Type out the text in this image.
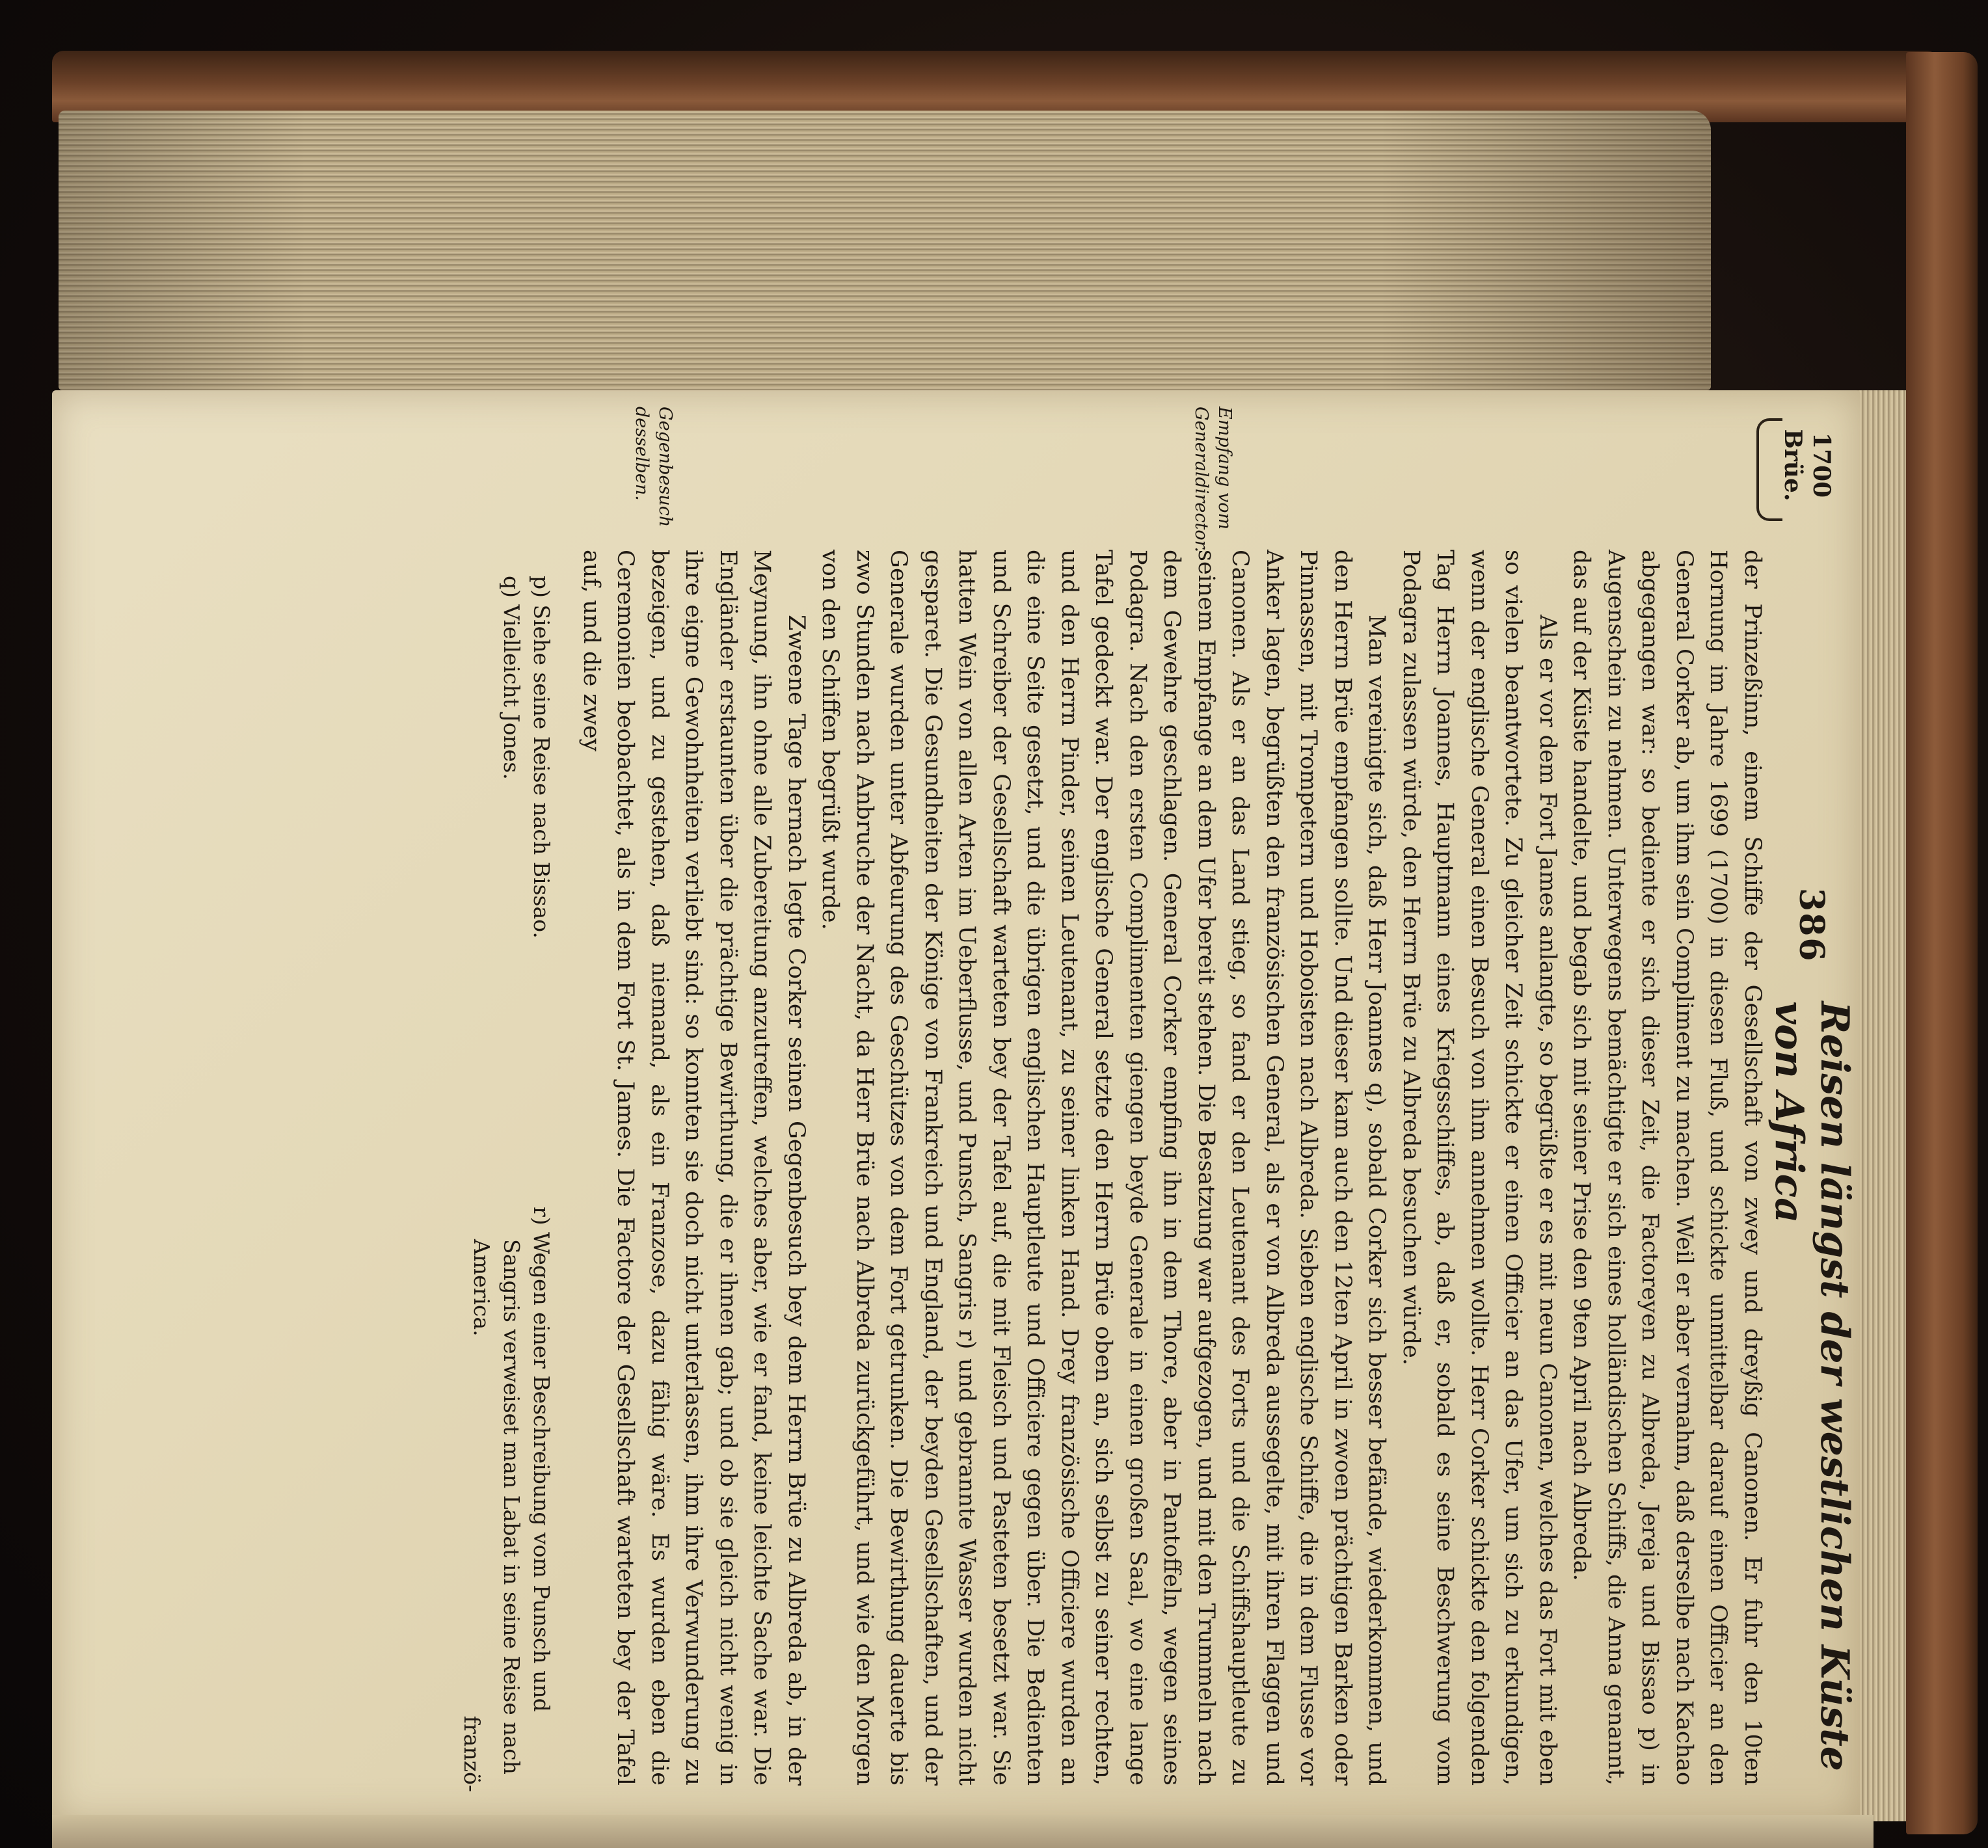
386
Reisen längst der westlichen Küste von Africa
1700
Brüe.
Empfang vom Generaldirector.
Gegenbesuch desselben.

der Prinzeßinn, einem Schiffe der Gesellschaft von zwey und dreyßig Canonen. Er fuhr den 10ten Hornung im Jahre 1699 (1700) in diesen Fluß, und schickte unmittelbar darauf einen Officier an den General Corker ab, um ihm sein Compliment zu machen. Weil er aber vernahm, daß derselbe nach Kachao abgegangen war: so bediente er sich dieser Zeit, die Factoreyen zu Albreda, Jereja und Bissao p) in Augenschein zu nehmen. Unterwegens bemächtigte er sich eines holländischen Schiffs, die Anna genannt, das auf der Küste handelte, und begab sich mit seiner Prise den 9ten April nach Albreda.

Als er vor dem Fort James anlangte, so begrüßte er es mit neun Canonen, welches das Fort mit eben so vielen beantwortete. Zu gleicher Zeit schickte er einen Officier an das Ufer, um sich zu erkundigen, wenn der englische General einen Besuch von ihm annehmen wollte. Herr Corker schickte den folgenden Tag Herrn Joannes, Hauptmann eines Kriegsschiffes, ab, daß er, sobald es seine Beschwerung vom Podagra zulassen würde, den Herrn Brüe zu Albreda besuchen würde.

Man vereinigte sich, daß Herr Joannes q), sobald Corker sich besser befände, wiederkommen, und den Herrn Brüe empfangen sollte. Und dieser kam auch den 12ten April in zwoen prächtigen Barken oder Pinnassen, mit Trompetern und Hoboisten nach Albreda. Sieben englische Schiffe, die in dem Flusse vor Anker lagen, begrüßten den französischen General, als er von Albreda aussegelte, mit ihren Flaggen und Canonen. Als er an das Land stieg, so fand er den Leutenant des Forts und die Schiffshauptleute zu seinem Empfange an dem Ufer bereit stehen. Die Besatzung war aufgezogen, und mit den Trummeln nach dem Gewehre geschlagen. General Corker empfing ihn in dem Thore, aber in Pantoffeln, wegen seines Podagra. Nach den ersten Complimenten giengen beyde Generale in einen großen Saal, wo eine lange Tafel gedeckt war. Der englische General setzte den Herrn Brüe oben an, sich selbst zu seiner rechten, und den Herrn Pinder, seinen Leutenant, zu seiner linken Hand. Drey französische Officiere wurden an die eine Seite gesetzt, und die übrigen englischen Hauptleute und Officiere gegen über. Die Bedienten und Schreiber der Gesellschaft warteten bey der Tafel auf, die mit Fleisch und Pasteten besetzt war. Sie hatten Wein von allen Arten im Ueberflusse, und Punsch, Sangris r) und gebrannte Wasser wurden nicht gesparet. Die Gesundheiten der Könige von Frankreich und England, der beyden Gesellschaften, und der Generale wurden unter Abfeurung des Geschützes von dem Fort getrunken. Die Bewirthung dauerte bis zwo Stunden nach Anbruche der Nacht, da Herr Brüe nach Albreda zurückgeführt, und wie den Morgen von den Schiffen begrüßt wurde.

Zweene Tage hernach legte Corker seinen Gegenbesuch bey dem Herrn Brüe zu Albreda ab, in der Meynung, ihn ohne alle Zubereitung anzutreffen, welches aber, wie er fand, keine leichte Sache war. Die Engländer erstaunten über die prächtige Bewirthung, die er ihnen gab; und ob sie gleich nicht wenig in ihre eigne Gewohnheiten verliebt sind: so konnten sie doch nicht unterlassen, ihm ihre Verwunderung zu bezeigen, und zu gestehen, daß niemand, als ein Franzose, dazu fähig wäre. Es wurden eben die Ceremonien beobachtet, als in dem Fort St. James. Die Factore der Gesellschaft warteten bey der Tafel auf, und die zwey

p) Siehe seine Reise nach Bissao.

q) Vielleicht Jones.

r) Wegen einer Beschreibung vom Punsch und

Sangris verweiset man Labat in seine Reise nach America.

franzö-
